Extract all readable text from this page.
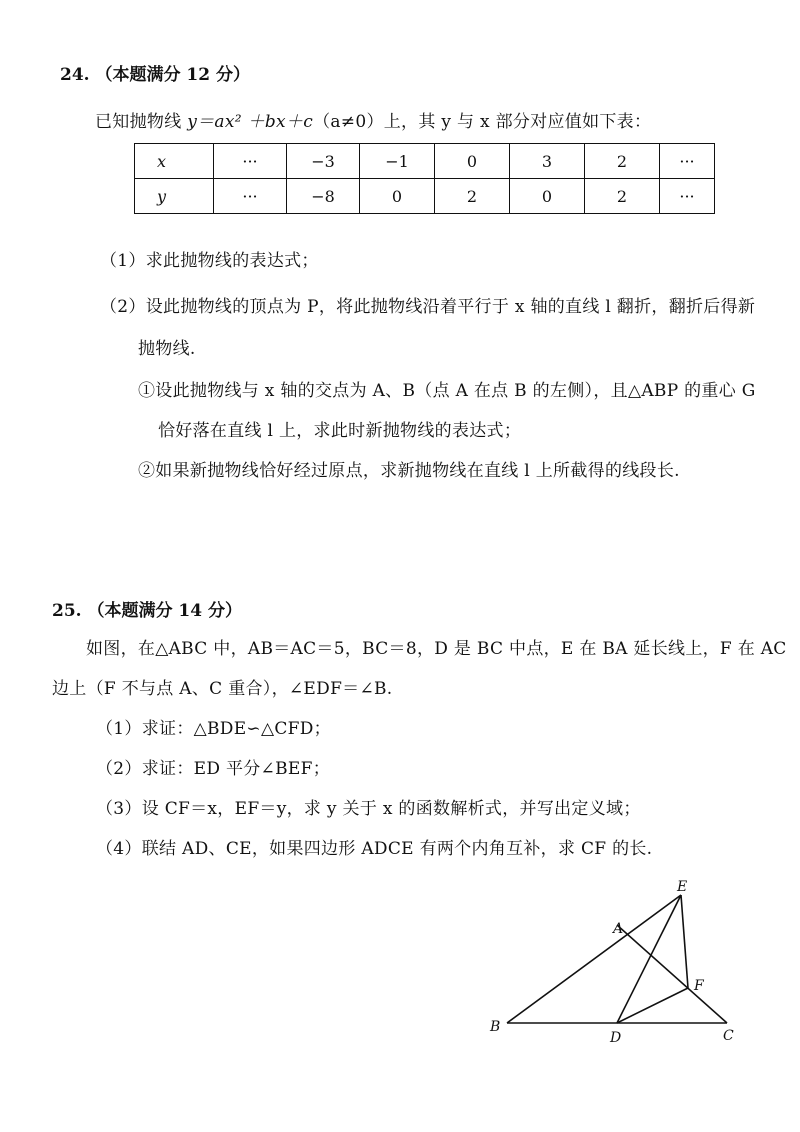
24. （本题满分 12 分）
已知抛物线 y＝ax² ＋bx＋c（a≠0）上，其 y 与 x 部分对应值如下表：
x	···	−3	−1	0	3	2	···
y	···	−8	0	2	0	2	···
（1）求此抛物线的表达式；
（2）设此抛物线的顶点为 P，将此抛物线沿着平行于 x 轴的直线 l 翻折，翻折后得新
抛物线.
①设此抛物线与 x 轴的交点为 A、B（点 A 在点 B 的左侧），且△ABP 的重心 G
恰好落在直线 l 上，求此时新抛物线的表达式；
②如果新抛物线恰好经过原点，求新抛物线在直线 l 上所截得的线段长.
25. （本题满分 14 分）
如图，在△ABC 中，AB＝AC＝5，BC＝8，D 是 BC 中点，E 在 BA 延长线上，F 在 AC
边上（F 不与点 A、C 重合），∠EDF＝∠B.
（1）求证：△BDE∽△CFD；
（2）求证：ED 平分∠BEF；
（3）设 CF＝x，EF＝y，求 y 关于 x 的函数解析式，并写出定义域；
（4）联结 AD、CE，如果四边形 ADCE 有两个内角互补，求 CF 的长.
E
A
F
B
D	C
